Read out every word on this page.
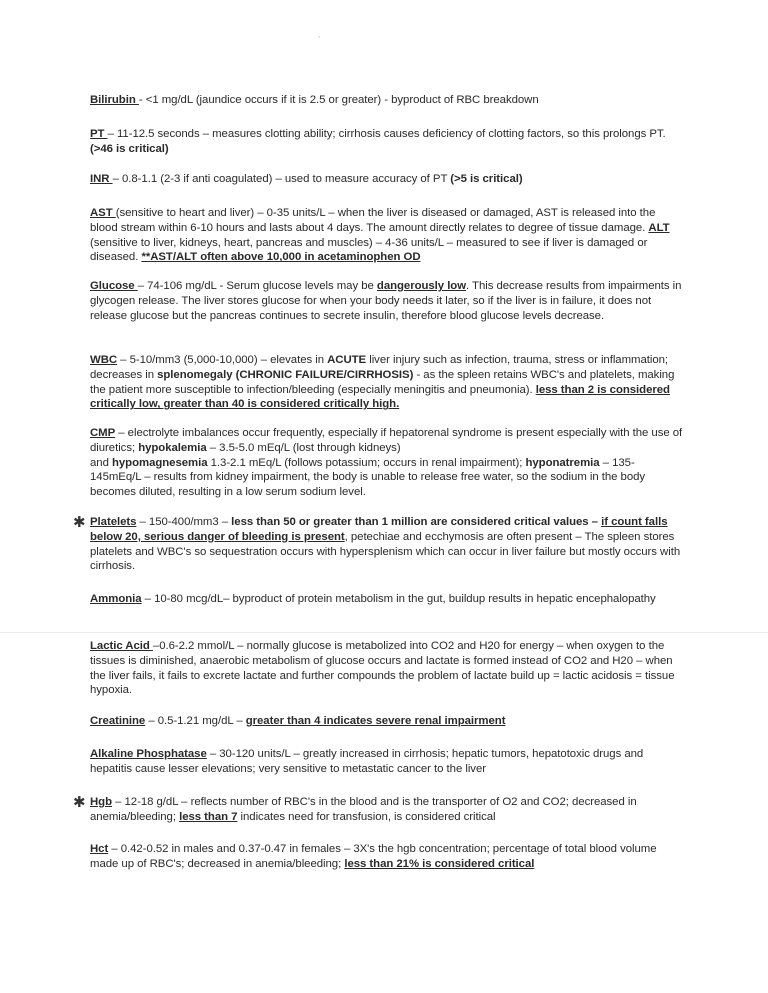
Bilirubin - <1 mg/dL (jaundice occurs if it is 2.5 or greater) - byproduct of RBC breakdown
PT – 11-12.5 seconds – measures clotting ability; cirrhosis causes deficiency of clotting factors, so this prolongs PT. (>46 is critical)
INR – 0.8-1.1 (2-3 if anti coagulated) – used to measure accuracy of PT (>5 is critical)
AST (sensitive to heart and liver) – 0-35 units/L – when the liver is diseased or damaged, AST is released into the blood stream within 6-10 hours and lasts about 4 days. The amount directly relates to degree of tissue damage. ALT (sensitive to liver, kidneys, heart, pancreas and muscles) – 4-36 units/L – measured to see if liver is damaged or diseased. **AST/ALT often above 10,000 in acetaminophen OD
Glucose – 74-106 mg/dL - Serum glucose levels may be dangerously low. This decrease results from impairments in glycogen release. The liver stores glucose for when your body needs it later, so if the liver is in failure, it does not release glucose but the pancreas continues to secrete insulin, therefore blood glucose levels decrease.
WBC – 5-10/mm3 (5,000-10,000) – elevates in ACUTE liver injury such as infection, trauma, stress or inflammation; decreases in splenomegaly (CHRONIC FAILURE/CIRRHOSIS) - as the spleen retains WBC's and platelets, making the patient more susceptible to infection/bleeding (especially meningitis and pneumonia). less than 2 is considered critically low, greater than 40 is considered critically high.
CMP – electrolyte imbalances occur frequently, especially if hepatorenal syndrome is present especially with the use of diuretics; hypokalemia – 3.5-5.0 mEq/L (lost through kidneys)
and hypomagnesemia 1.3-2.1 mEq/L (follows potassium; occurs in renal impairment); hyponatremia – 135-145mEq/L – results from kidney impairment, the body is unable to release free water, so the sodium in the body becomes diluted, resulting in a low serum sodium level.
Platelets – 150-400/mm3 – less than 50 or greater than 1 million are considered critical values – if count falls below 20, serious danger of bleeding is present, petechiae and ecchymosis are often present – The spleen stores platelets and WBC's so sequestration occurs with hypersplenism which can occur in liver failure but mostly occurs with cirrhosis.
Ammonia – 10-80 mcg/dL– byproduct of protein metabolism in the gut, buildup results in hepatic encephalopathy
Lactic Acid –0.6-2.2 mmol/L – normally glucose is metabolized into CO2 and H20 for energy – when oxygen to the tissues is diminished, anaerobic metabolism of glucose occurs and lactate is formed instead of CO2 and H20 – when the liver fails, it fails to excrete lactate and further compounds the problem of lactate build up = lactic acidosis = tissue hypoxia.
Creatinine – 0.5-1.21 mg/dL – greater than 4 indicates severe renal impairment
Alkaline Phosphatase – 30-120 units/L – greatly increased in cirrhosis; hepatic tumors, hepatotoxic drugs and hepatitis cause lesser elevations; very sensitive to metastatic cancer to the liver
Hgb – 12-18 g/dL – reflects number of RBC's in the blood and is the transporter of O2 and CO2; decreased in anemia/bleeding; less than 7 indicates need for transfusion, is considered critical
Hct – 0.42-0.52 in males and 0.37-0.47 in females – 3X's the hgb concentration; percentage of total blood volume made up of RBC's; decreased in anemia/bleeding; less than 21% is considered critical
✱
✱
